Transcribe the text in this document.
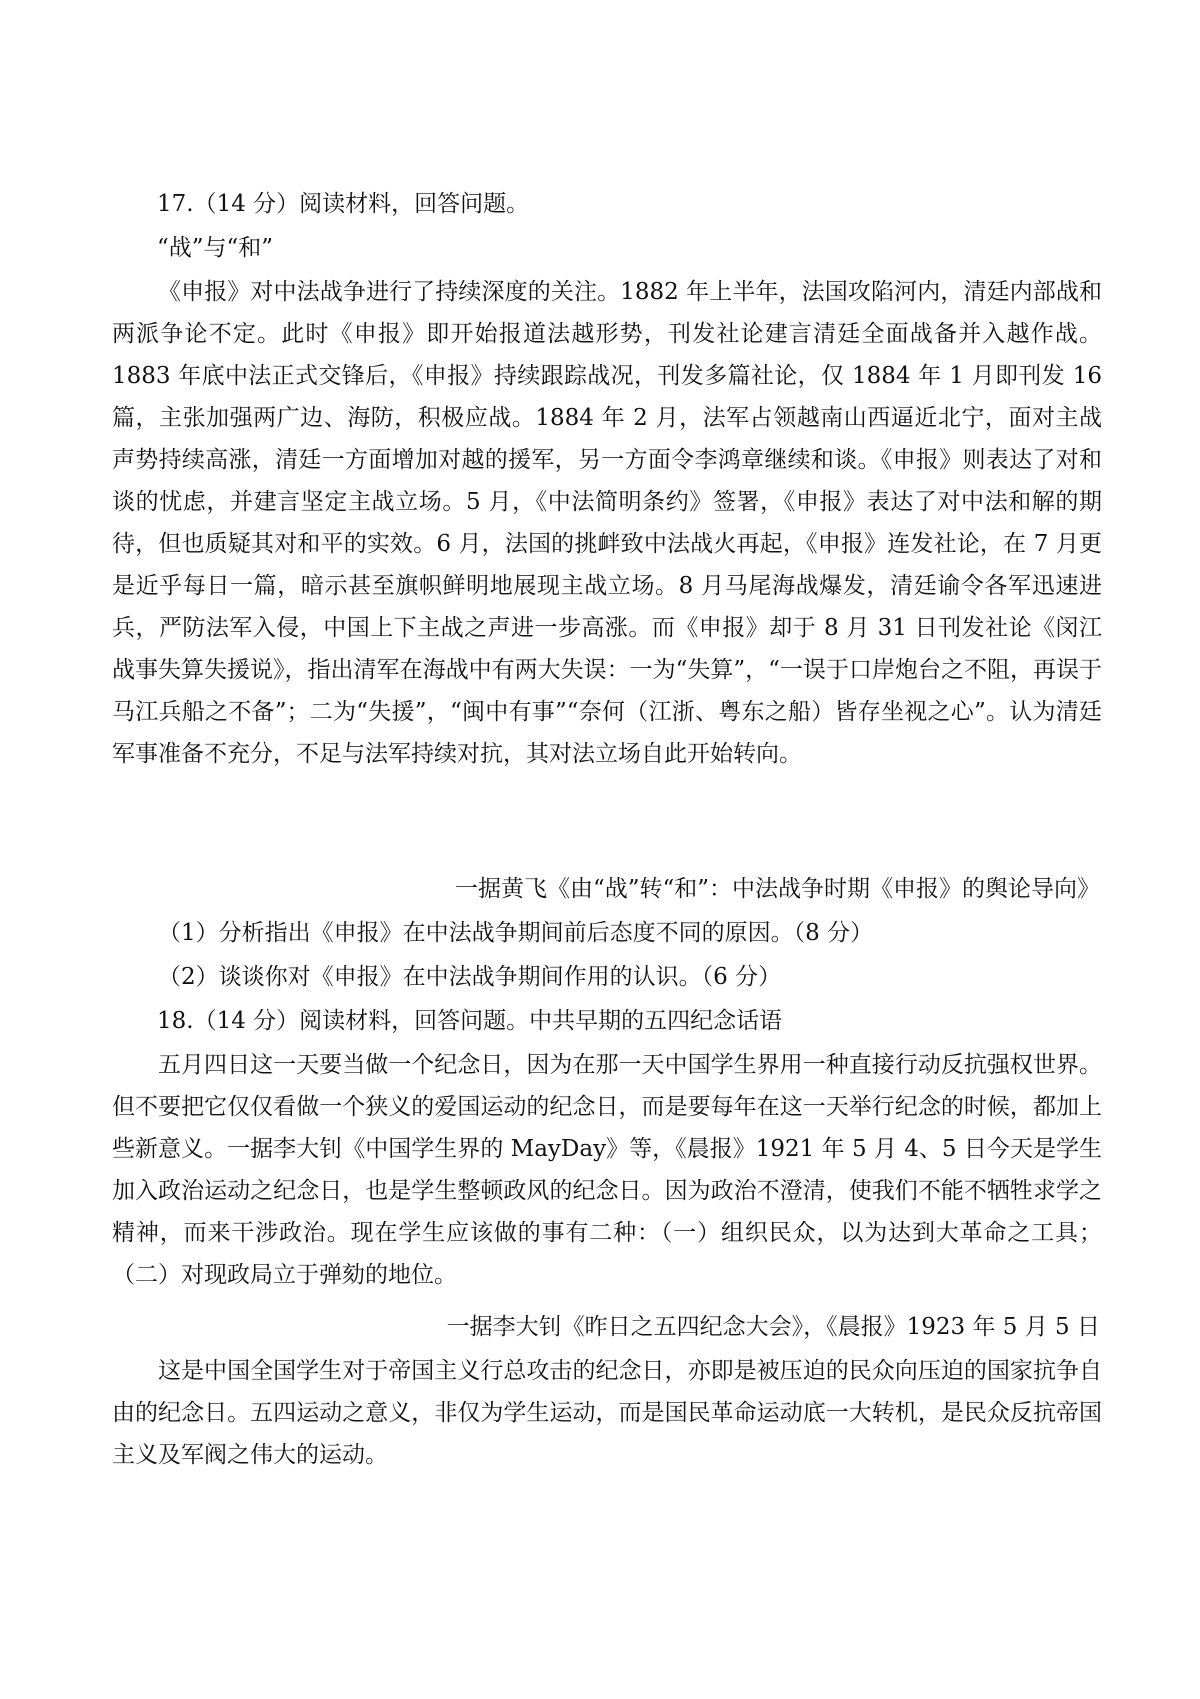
17.（14 分）阅读材料，回答问题。
“战”与“和”

《申报》对中法战争进行了持续深度的关注。1882 年上半年，法国攻陷河内，清廷内部战和两派争论不定。此时《申报》即开始报道法越形势，刊发社论建言清廷全面战备并入越作战。1883 年底中法正式交锋后，《申报》持续跟踪战况，刊发多篇社论，仅 1884 年 1 月即刊发 16 篇，主张加强两广边、海防，积极应战。1884 年 2 月，法军占领越南山西逼近北宁，面对主战声势持续高涨，清廷一方面增加对越的援军，另一方面令李鸿章继续和谈。《申报》则表达了对和谈的忧虑，并建言坚定主战立场。5 月，《中法简明条约》签署，《申报》表达了对中法和解的期待，但也质疑其对和平的实效。6 月，法国的挑衅致中法战火再起，《申报》连发社论，在 7 月更是近乎每日一篇，暗示甚至旗帜鲜明地展现主战立场。8 月马尾海战爆发，清廷谕令各军迅速进兵，严防法军入侵，中国上下主战之声进一步高涨。而《申报》却于 8 月 31 日刊发社论《闵江战事失算失援说》，指出清军在海战中有两大失误：一为“失算”，“一误于口岸炮台之不阻，再误于马江兵船之不备”；二为“失援”，“闽中有事”“奈何（江浙、粤东之船）皆存坐视之心”。认为清廷军事准备不充分，不足与法军持续对抗，其对法立场自此开始转向。

一据黄飞《由“战”转“和”：中法战争时期《申报》的舆论导向》
（1）分析指出《申报》在中法战争期间前后态度不同的原因。（8 分）
（2）谈谈你对《申报》在中法战争期间作用的认识。（6 分）
18.（14 分）阅读材料，回答问题。中共早期的五四纪念话语

五月四日这一天要当做一个纪念日，因为在那一天中国学生界用一种直接行动反抗强权世界。但不要把它仅仅看做一个狭义的爱国运动的纪念日，而是要每年在这一天举行纪念的时候，都加上些新意义。一据李大钊《中国学生界的 MayDay》等，《晨报》1921 年 5 月 4、5 日今天是学生加入政治运动之纪念日，也是学生整顿政风的纪念日。因为政治不澄清，使我们不能不牺牲求学之精神，而来干涉政治。现在学生应该做的事有二种：（一）组织民众，以为达到大革命之工具；（二）对现政局立于弹劾的地位。

一据李大钊《昨日之五四纪念大会》，《晨报》1923 年 5 月 5 日

这是中国全国学生对于帝国主义行总攻击的纪念日，亦即是被压迫的民众向压迫的国家抗争自由的纪念日。五四运动之意义，非仅为学生运动，而是国民革命运动底一大转机，是民众反抗帝国主义及军阀之伟大的运动。
